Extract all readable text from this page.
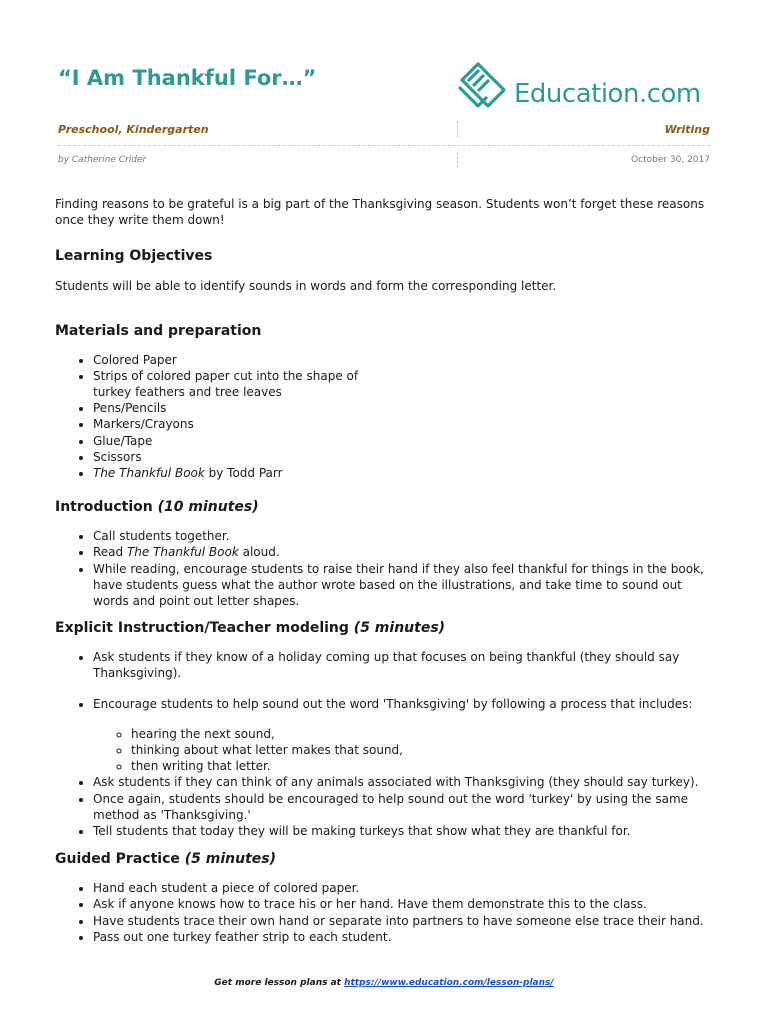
“I Am Thankful For…”
Education.com
Preschool, Kindergarten	Writing
by Catherine Crider	October 30, 2017

Finding reasons to be grateful is a big part of the Thanksgiving season. Students won’t forget these reasons once they write them down!

Learning Objectives

Students will be able to identify sounds in words and form the corresponding letter.

Materials and preparation
• Colored Paper
• Strips of colored paper cut into the shape of
turkey feathers and tree leaves
• Pens/Pencils
• Markers/Crayons
• Glue/Tape
• Scissors
• The Thankful Book by Todd Parr
Introduction (10 minutes)
• Call students together.
• Read The Thankful Book aloud.
• While reading, encourage students to raise their hand if they also feel thankful for things in the book, have students guess what the author wrote based on the illustrations, and take time to sound out words and point out letter shapes.
Explicit Instruction/Teacher modeling (5 minutes)
• Ask students if they know of a holiday coming up that focuses on being thankful (they should say Thanksgiving).
• Encourage students to help sound out the word 'Thanksgiving' by following a process that includes:
◦ hearing the next sound,
◦ thinking about what letter makes that sound,
◦ then writing that letter.
• Ask students if they can think of any animals associated with Thanksgiving (they should say turkey).
• Once again, students should be encouraged to help sound out the word 'turkey' by using the same method as 'Thanksgiving.'
• Tell students that today they will be making turkeys that show what they are thankful for.
Guided Practice (5 minutes)
• Hand each student a piece of colored paper.
• Ask if anyone knows how to trace his or her hand. Have them demonstrate this to the class.
• Have students trace their own hand or separate into partners to have someone else trace their hand.
• Pass out one turkey feather strip to each student.
Get more lesson plans at https://www.education.com/lesson-plans/
